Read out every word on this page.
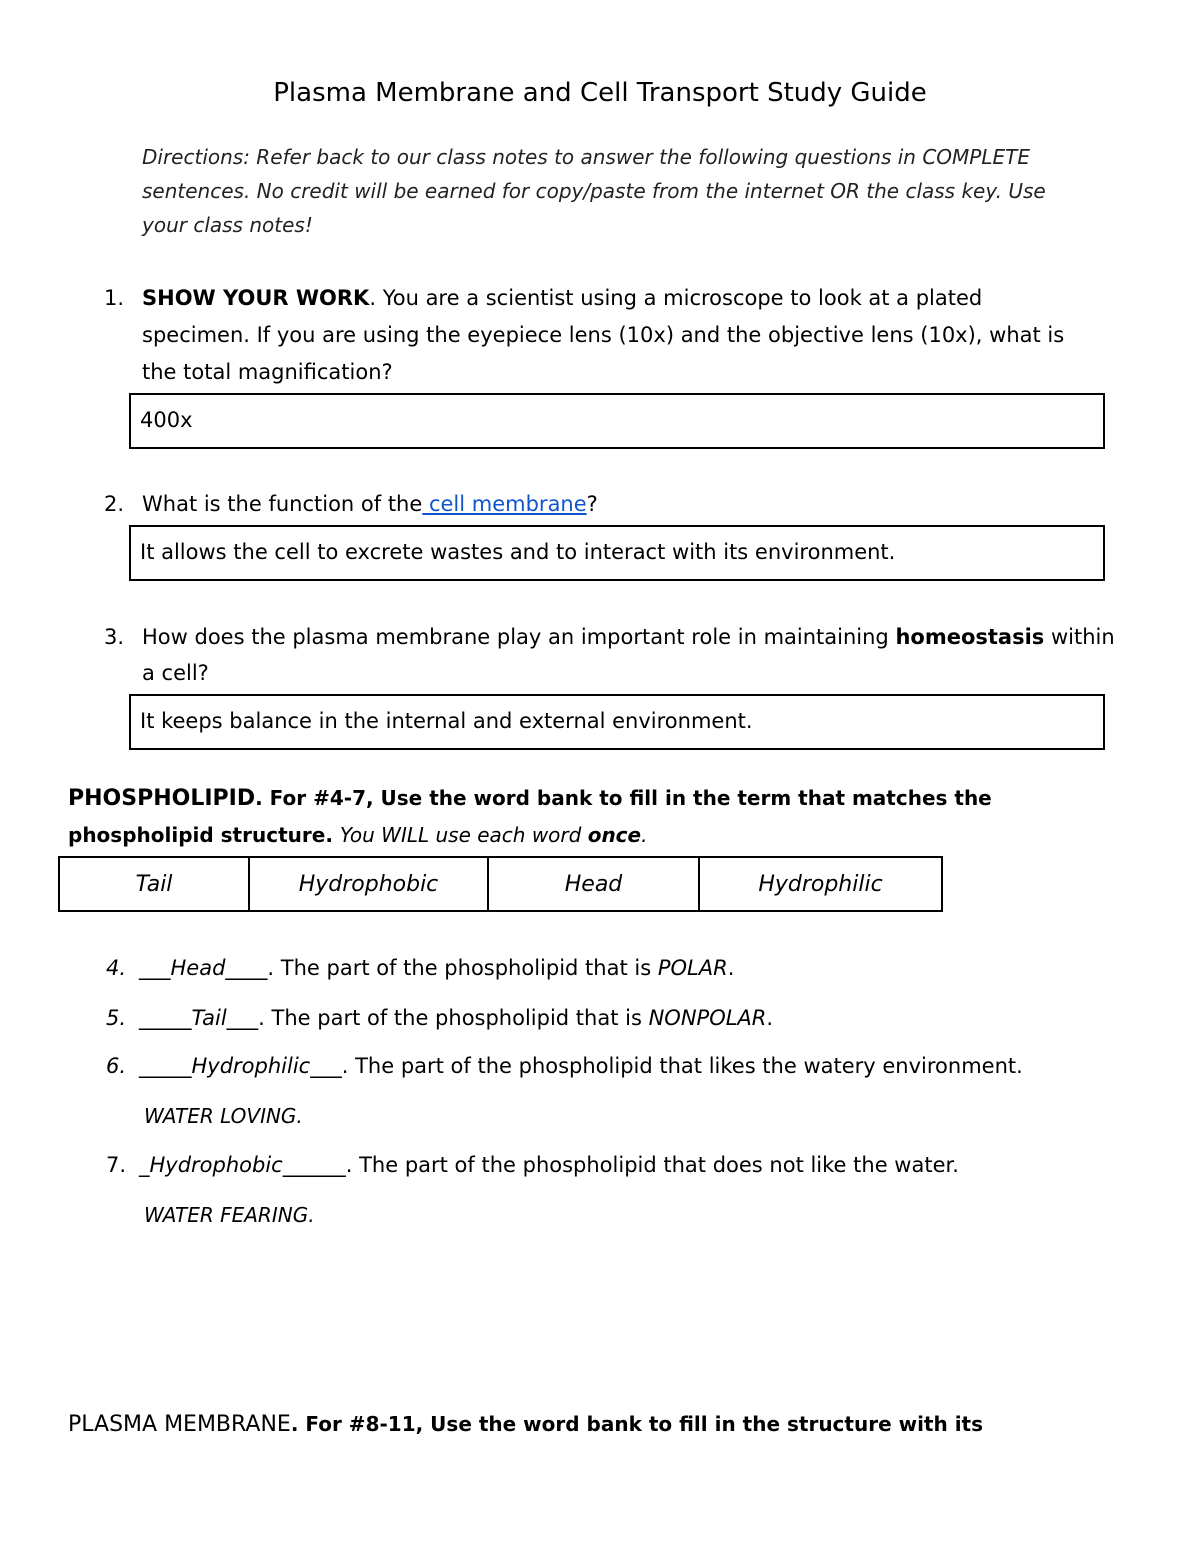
Plasma Membrane and Cell Transport Study Guide
Directions: Refer back to our class notes to answer the following questions in COMPLETE
sentences. No credit will be earned for copy/paste from the internet OR the class key. Use
your class notes!
1. SHOW YOUR WORK. You are a scientist using a microscope to look at a plated
specimen. If you are using the eyepiece lens (10x) and the objective lens (10x), what is
the total magnification?
400x
2. What is the function of the cell membrane?
It allows the cell to excrete wastes and to interact with its environment.
3. How does the plasma membrane play an important role in maintaining homeostasis within
a cell?
It keeps balance in the internal and external environment.
PHOSPHOLIPID. For #4-7, Use the word bank to fill in the term that matches the
phospholipid structure. You WILL use each word once.
Tail	Hydrophobic	Head	Hydrophilic
4. ___Head____. The part of the phospholipid that is POLAR.
5. _____Tail___. The part of the phospholipid that is NONPOLAR.
6. _____Hydrophilic___. The part of the phospholipid that likes the watery environment.
WATER LOVING.
7. _Hydrophobic______. The part of the phospholipid that does not like the water.
WATER FEARING.
PLASMA MEMBRANE. For #8-11, Use the word bank to fill in the structure with its
